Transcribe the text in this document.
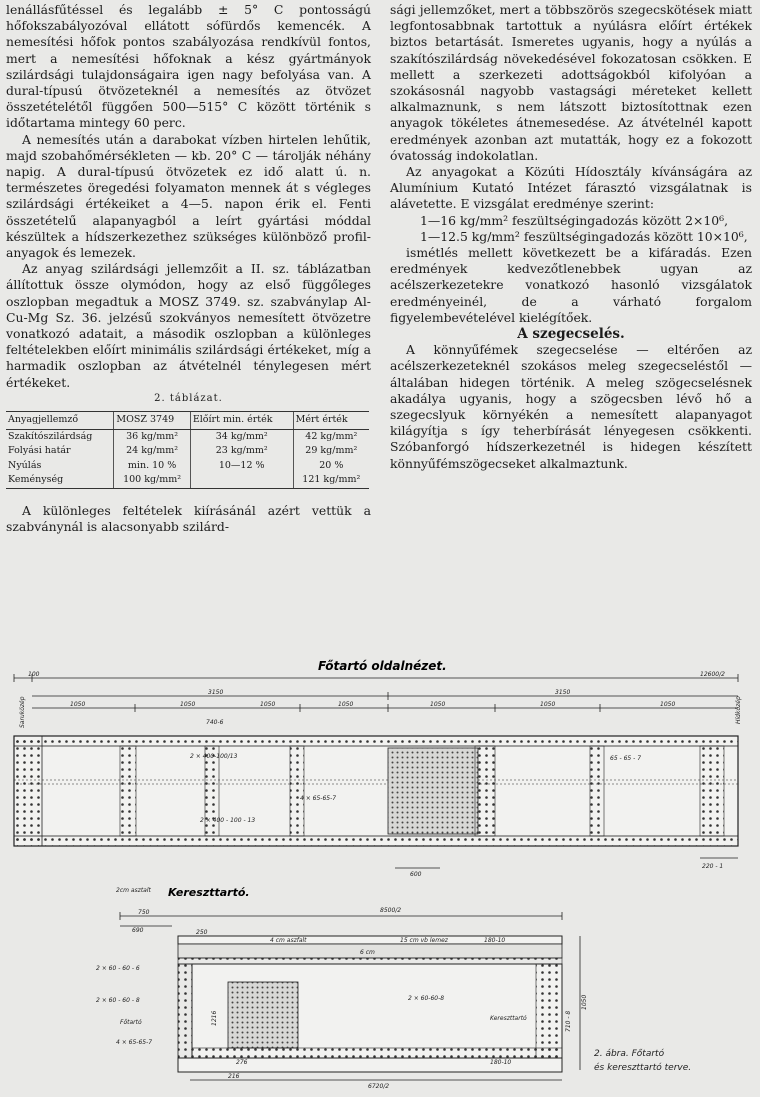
lenállásfűtéssel és legalább ± 5° C pontosságú hőfokszabályozóval ellátott sófürdős kemencék. A nemesítési hőfok pontos szabályozása rendkívül fontos, mert a nemesítési hőfoknak a kész gyártmányok szilárdsági tulajdonságaira igen nagy befolyása van. A dural-típusú ötvözeteknél a nemesítés az ötvözet összetételétől függően 500—515° C között történik s időtartama mintegy 60 perc.

A nemesítés után a darabokat vízben hirtelen lehűtik, majd szobahőmérsékleten — kb. 20° C — tárolják néhány napig. A dural-típusú ötvözetek ez idő alatt ú. n. természetes öregedési folyamaton mennek át s végleges szilárdsági értékeiket a 4—5. napon érik el. Fenti összetételű alapanyagból a leírt gyártási móddal készültek a hídszerkezethez szükséges különböző profil-anyagok és lemezek.

Az anyag szilárdsági jellemzőit a II. sz. táblázatban állítottuk össze olymódon, hogy az első függőleges oszlopban megadtuk a MOSZ 3749. sz. szabványlap Al-Cu-Mg Sz. 36. jelzésű szokványos nemesített ötvözetre vonatkozó adatait, a második oszlopban a különleges feltételekben előírt minimális szilárdsági értékeket, míg a harmadik oszlopban az átvételnél ténylegesen mért értékeket.

2. táblázat.

Anyagjellemző	MOSZ 3749	Előírt min. érték	Mért érték
Szakítószilárdság	36 kg/mm²	34 kg/mm²	42 kg/mm²
Folyási határ	24 kg/mm²	23 kg/mm²	29 kg/mm²
Nyúlás	min. 10 %	10—12 %	20 %
Keménység	100 kg/mm²		121 kg/mm²

A különleges feltételek kiírásánál azért vettük a szabványnál is alacsonyabb szilárd-

sági jellemzőket, mert a többszörös szegecskötések miatt legfontosabbnak tartottuk a nyúlásra előírt értékek biztos betartását. Ismeretes ugyanis, hogy a nyúlás a szakítószilárdság növekedésével fokozatosan csökken. E mellett a szerkezeti adottságokból kifolyóan a szokásosnál nagyobb vastagsági méreteket kellett alkalmaznunk, s nem látszott biztosítottnak ezen anyagok tökéletes átnemesedése. Az átvételnél kapott eredmények azonban azt mutatták, hogy ez a fokozott óvatosság indokolatlan.

Az anyagokat a Közúti Hídosztály kívánságára az Alumínium Kutató Intézet fárasztó vizsgálatnak is alávetette. E vizsgálat eredménye szerint:

1—16 kg/mm² feszültségingadozás között 2×10⁶,

1—12.5 kg/mm² feszültségingadozás között 10×10⁶,

ismétlés mellett következett be a kifáradás. Ezen eredmények kedvezőtlenebbek ugyan az acélszerkezetekre vonatkozó hasonló vizsgálatok eredményeinél, de a várható forgalom figyelembevételével kielégítőek.

A szegecselés.

A könnyűfémek szegecselése — eltérően az acélszerkezeteknél szokásos meleg szegecseléstől — általában hidegen történik. A meleg szögecselésnek akadálya ugyanis, hogy a szögecsben lévő hő a szegecslyuk környékén a nemesített alapanyagot kilágyítja s így teherbírását lényegesen csökkenti. Szóbanforgó hídszerkezetnél is hidegen készített könnyűfémszögecseket alkalmaztunk.

Főtartó oldalnézet.
100	12600/2
3150	3150
1050	1050	1050	1050	1050	1050	1050
Saruközép	Hídközép
740-6
2 × 400-100/13	65 - 65 - 7
4 × 65-65-7
2 × 400 - 100 - 13
600
220 - 1
Kereszttartó.
2cm asztalt
750
690	250
8500/2
4 cm aszfalt	15 cm vb lemez	180-10
6 cm
2 × 60 - 60 - 6
2 × 60 - 60 - 8	2 × 60-60-8
Főtartó
4 × 65-65-7
Kereszttartó
1216
276
216
180-10
6720/2
710 - 8
1050
2. ábra. Főtartó
és kereszttartó terve.
